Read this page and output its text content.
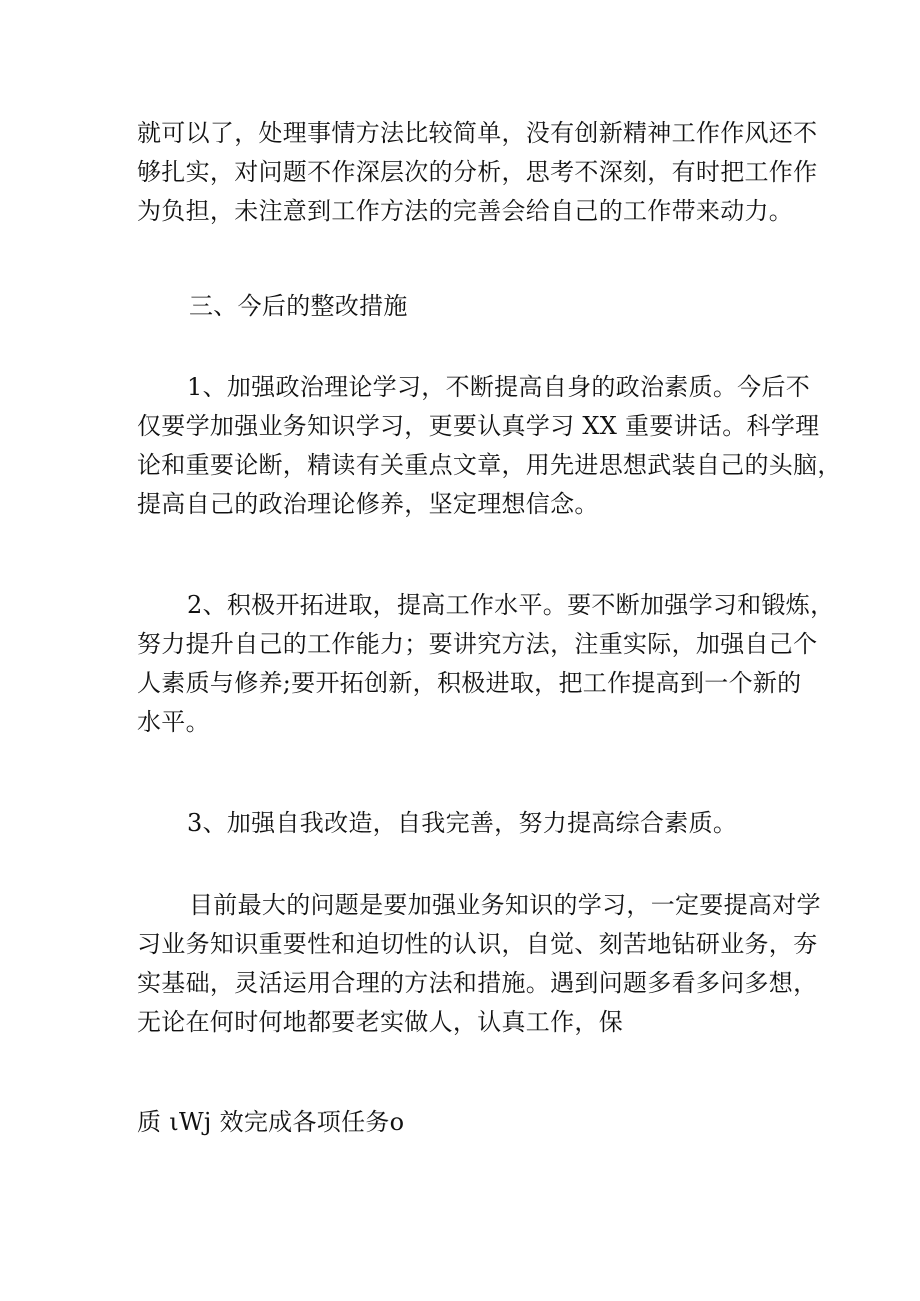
就可以了，处理事情方法比较简单，没有创新精神工作作风还不
够扎实，对问题不作深层次的分析，思考不深刻，有时把工作作
为负担，未注意到工作方法的完善会给自己的工作带来动力。
三、今后的整改措施
1、加强政治理论学习，不断提高自身的政治素质。今后不
仅要学加强业务知识学习，更要认真学习 XX 重要讲话。科学理
论和重要论断，精读有关重点文章，用先进思想武装自己的头脑，
提高自己的政治理论修养，坚定理想信念。
2、积极开拓进取，提高工作水平。要不断加强学习和锻炼，
努力提升自己的工作能力；要讲究方法，注重实际，加强自己个
人素质与修养;要开拓创新，积极进取，把工作提高到一个新的
水平。
3、加强自我改造，自我完善，努力提高综合素质。
目前最大的问题是要加强业务知识的学习，一定要提高对学
习业务知识重要性和迫切性的认识，自觉、刻苦地钻研业务，夯
实基础，灵活运用合理的方法和措施。遇到问题多看多问多想，
无论在何时何地都要老实做人，认真工作，保
质 ιWj 效完成各项任务ο
